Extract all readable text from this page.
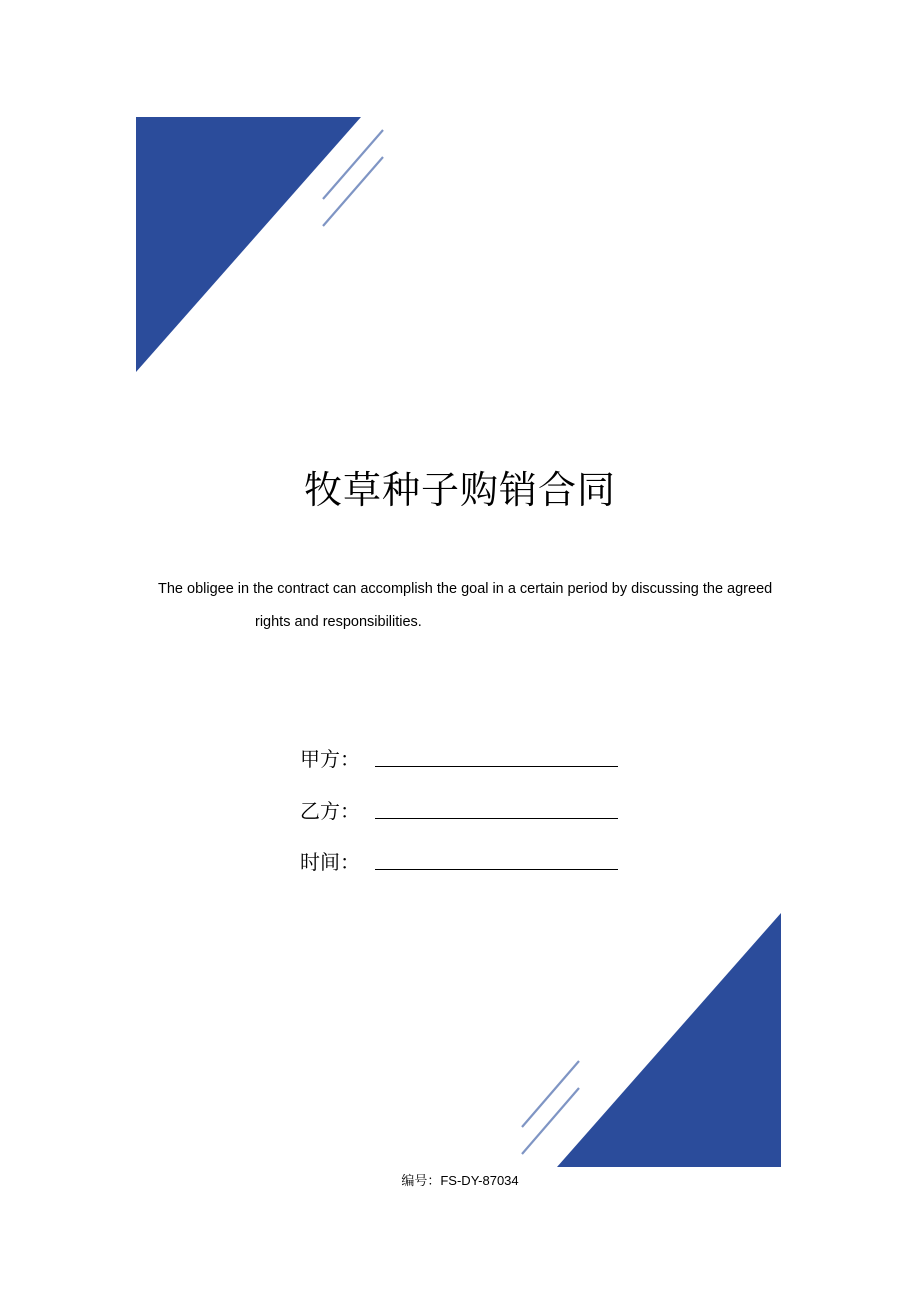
牧草种子购销合同
The obligee in the contract can accomplish the goal in a certain period by discussing the agreed
rights and responsibilities.
甲方：
乙方：
时间：
编号：FS-DY-87034
